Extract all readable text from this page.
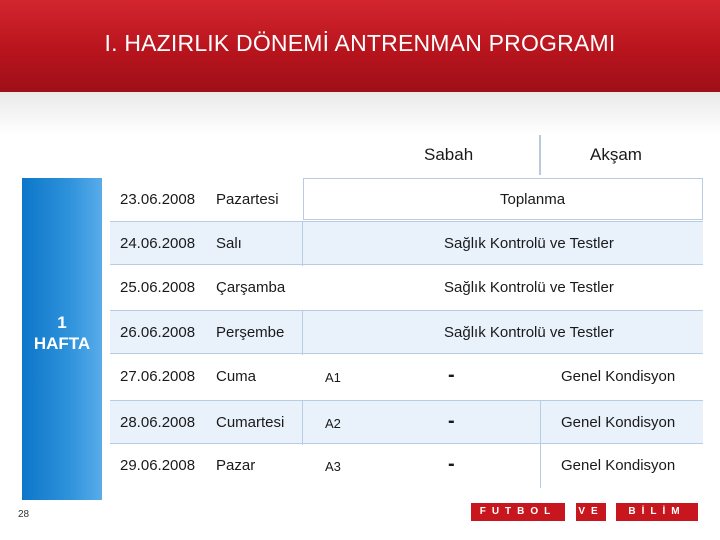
I. HAZIRLIK DÖNEMİ ANTRENMAN PROGRAMI
Sabah	Akşam
1
HAFTA
23.06.2008 Pazartesi	Toplanma
24.06.2008 Salı	Sağlık Kontrolü ve Testler
25.06.2008 Çarşamba	Sağlık Kontrolü ve Testler
26.06.2008 Perşembe	Sağlık Kontrolü ve Testler
27.06.2008 Cuma	A1	-	Genel Kondisyon
28.06.2008 Cumartesi	A2	-	Genel Kondisyon
29.06.2008 Pazar	A3	-	Genel Kondisyon
28	FUTBOL	VE	BİLİM
